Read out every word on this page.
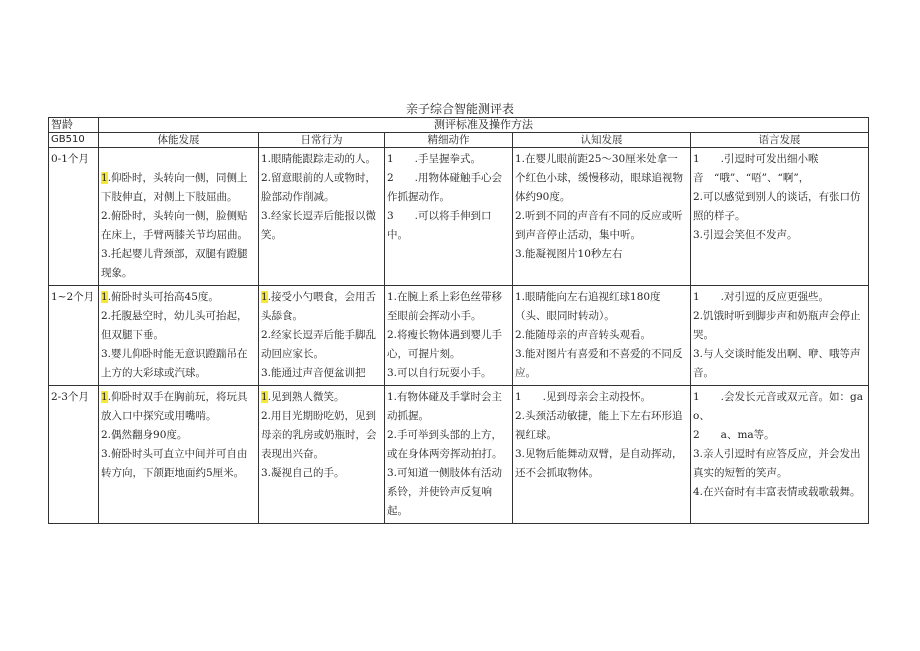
亲子综合智能测评表
智龄	测评标准及操作方法				
GB510	体能发展	日常行为	精细动作	认知发展	语言发展
0-1个月	1.仰卧时，头转向一侧，同侧上下肢伸直，对侧上下肢屈曲。
2.俯卧时，头转向一侧，脸侧贴在床上，手臂两膝关节均屈曲。
3.托起婴儿背颈部，双腿有蹬腿现象。	1.眼睛能跟踪走动的人。
2.留意眼前的人或物时，脸部动作削减。
3.经家长逗弄后能报以微笑。	1　　.手呈握拳式。
2　　.用物体碰触手心会作抓握动作。
3　　.可以将手伸到口中。	1.在婴儿眼前距25〜30厘米处拿一个红色小球，缓慢移动，眼球追视物体约90度。
2.听到不同的声音有不同的反应或听到声音停止活动，集中听。
3.能凝视图片10秒左右	1　　.引逗时可发出细小喉音　“哦”、“唔”、“啊”，
2.可以感觉到别人的谈话，有张口仿照的样子。
3.引逗会笑但不发声。

1~2个月	1.俯卧时头可抬高45度。
2.托腹悬空时，幼儿头可抬起，但双腿下垂。
3.婴儿仰卧时能无意识蹬踹吊在上方的大彩球或汽球。	1.接受小勺喂食，会用舌头舔食。
2.经家长逗弄后能手脚乱动回应家长。
3.能通过声音便盆训把	1.在腕上系上彩色丝带移至眼前会挥动小手。
2.将瘦长物体遇到婴儿手心，可握片刻。
3.可以自行玩耍小手。	1.眼睛能向左右追视红球180度（头、眼同时转动）。
2.能随母亲的声音转头观看。
3.能对图片有喜爱和不喜爱的不同反应。	1　　.对引逗的反应更强些。
2.饥饿时听到脚步声和奶瓶声会停止哭。
3.与人交谈时能发出啊、咿、哦等声音。

2-3个月	1.仰卧时双手在胸前玩，将玩具放入口中探究或用嘴啃。
2.偶然翻身90度。
3.俯卧时头可直立中间并可自由转方向，下颌距地面约5厘米。	1.见到熟人微笑。
2.用目光期盼吃奶，见到母亲的乳房或奶瓶时，会表现出兴奋。
3.凝视自己的手。	1.有物体碰及手掌时会主动抓握。
2.手可举到头部的上方，或在身体两旁挥动拍打。
3.可知道一侧肢体有活动系铃，并使铃声反复响起。	1　　.见到母亲会主动投怀。
2.头颈活动敏捷，能上下左右环形追视红球。
3.见物后能舞动双臂，是自动挥动，还不会抓取物体。	1　　.会发长元音或双元音。如：gao、
2　　a、ma等。
3.亲人引逗时有应答反应，并会发出真实的短暂的笑声。
4.在兴奋时有丰富表情或载歌载舞。
